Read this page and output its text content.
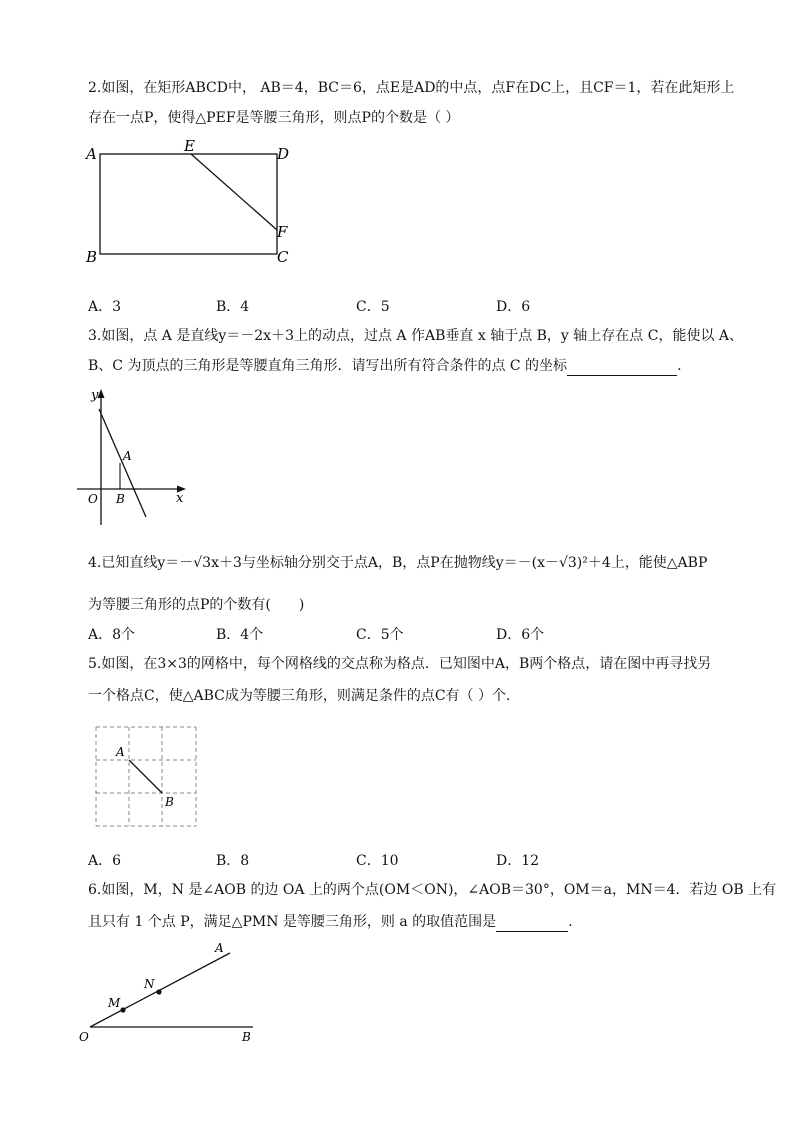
2.如图，在矩形ABCD中， AB＝4，BC＝6，点E是AD的中点，点F在DC上，且CF＝1，若在此矩形上
存在一点P，使得△PEF是等腰三角形，则点P的个数是（ ）
A	E	D
F
B	C
A．3	B．4	C．5	D．6
3.如图，点 A 是直线y＝－2x＋3上的动点，过点 A 作AB垂直 x 轴于点 B，y 轴上存在点 C，能使以 A、
B、C 为顶点的三角形是等腰直角三角形．请写出所有符合条件的点 C 的坐标	.
y
A
O B	x
4.已知直线y＝－√3x＋3与坐标轴分别交于点A，B，点P在抛物线y＝－(x－√3)²＋4上，能使△ABP
为等腰三角形的点P的个数有(　　)
A．8个	B．4个	C．5个	D．6个
5.如图，在3×3的网格中，每个网格线的交点称为格点．已知图中A，B两个格点，请在图中再寻找另
一个格点C，使△ABC成为等腰三角形，则满足条件的点C有（ ）个．
A
B
A．6	B．8	C．10	D．12
6.如图，M，N 是∠AOB 的边 OA 上的两个点(OM＜ON)，∠AOB＝30°，OM＝a，MN＝4．若边 OB 上有
且只有 1 个点 P，满足△PMN 是等腰三角形，则 a 的取值范围是	.
A
N
M
O	B
